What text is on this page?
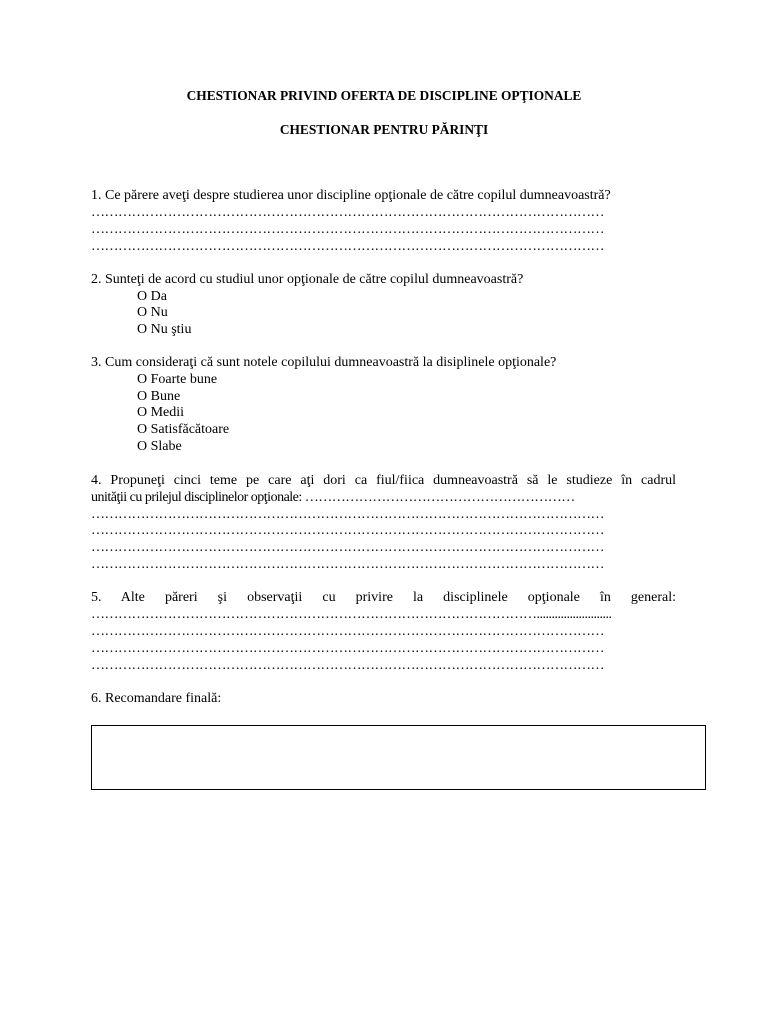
CHESTIONAR PRIVIND OFERTA DE DISCIPLINE OPŢIONALE
CHESTIONAR PENTRU PĂRINŢI
1. Ce părere aveţi despre studierea unor discipline opţionale de către copilul dumneavoastră?
……………………………………………………………………………………………………
……………………………………………………………………………………………………
……………………………………………………………………………………………………
2. Sunteţi de acord cu studiul unor opţionale de către copilul dumneavoastră?
O Da
O Nu
O Nu ştiu
3. Cum consideraţi că sunt notele copilului dumneavoastră la disiplinele opţionale?
O Foarte bune
O Bune
O Medii
O Satisfăcătoare
O Slabe
4. Propuneţi cinci teme pe care aţi dori ca fiul/fiica dumneavoastră să le studieze în cadrul
unităţii cu prilejul disciplinelor opţionale: ……………………………………………………
……………………………………………………………………………………………………
……………………………………………………………………………………………………
……………………………………………………………………………………………………
……………………………………………………………………………………………………
5. Alte păreri şi observaţii cu privire la disciplinele opţionale în general:
……………………………………………………………………………………….........................
……………………………………………………………………………………………………
……………………………………………………………………………………………………
……………………………………………………………………………………………………
6. Recomandare finală:
